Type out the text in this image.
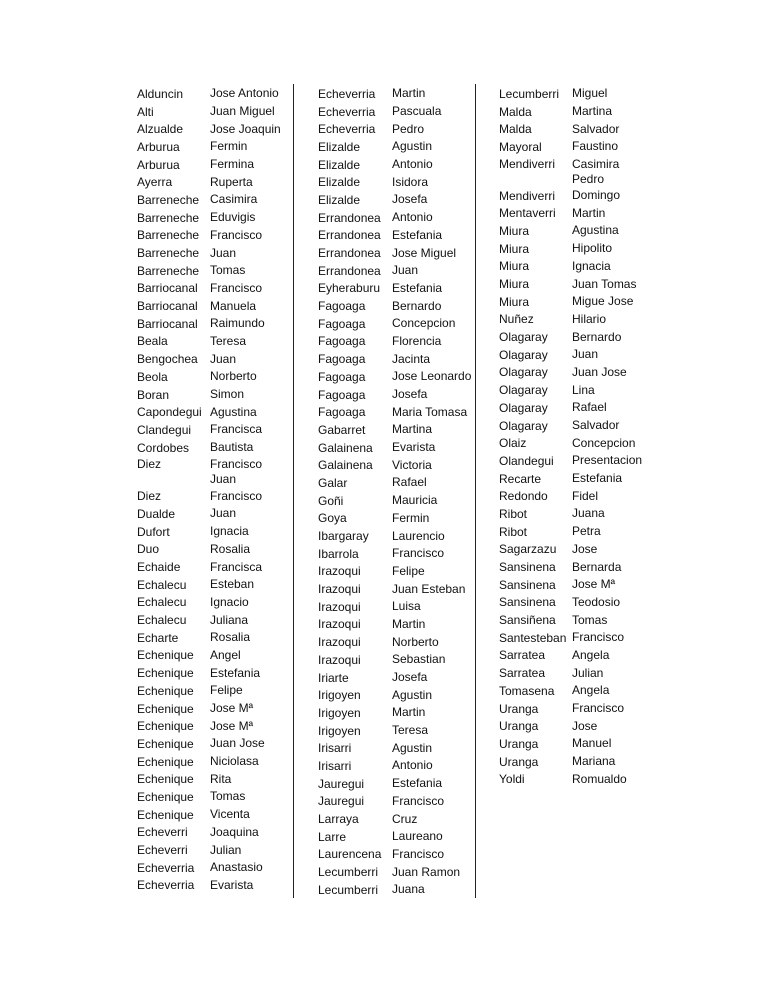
Alduncin	Jose Antonio
Alti	Juan Miguel
Alzualde	Jose Joaquin
Arburua	Fermin
Arburua	Fermina
Ayerra	Ruperta
Barreneche Casimira
Barreneche Eduvigis
Barreneche Francisco
Barreneche Juan
Barreneche Tomas
Barriocanal	Francisco
Barriocanal	Manuela
Barriocanal	Raimundo
Beala	Teresa
Bengochea	Juan
Beola	Norberto
Boran	Simon
Capondegui Agustina
Clandegui	Francisca
Cordobes	Bautista
Diez	Francisco
Juan
Diez	Francisco
Dualde	Juan
Dufort	Ignacia
Duo	Rosalia
Echaide	Francisca
Echalecu	Esteban
Echalecu	Ignacio
Echalecu	Juliana
Echarte	Rosalia
Echenique	Angel
Echenique	Estefania
Echenique	Felipe
Echenique	Jose Mª
Echenique	Jose Mª
Echenique	Juan Jose
Echenique	Niciolasa
Echenique	Rita
Echenique	Tomas
Echenique	Vicenta
Echeverri	Joaquina
Echeverri	Julian
Echeverria	Anastasio
Echeverria	Evarista
Echeverria	Martin
Echeverria	Pascuala
Echeverria	Pedro
Elizalde	Agustin
Elizalde	Antonio
Elizalde	Isidora
Elizalde	Josefa
Errandonea Antonio
Errandonea Estefania
Errandonea Jose Miguel
Errandonea Juan
Eyheraburu Estefania
Fagoaga	Bernardo
Fagoaga	Concepcion
Fagoaga	Florencia
Fagoaga	Jacinta
Fagoaga	Jose Leonardo
Fagoaga	Josefa
Fagoaga	Maria Tomasa
Gabarret	Martina
Galainena	Evarista
Galainena	Victoria
Galar	Rafael
Goñi	Mauricia
Goya	Fermin
Ibargaray	Laurencio
Ibarrola	Francisco
Irazoqui	Felipe
Irazoqui	Juan Esteban
Irazoqui	Luisa
Irazoqui	Martin
Irazoqui	Norberto
Irazoqui	Sebastian
Iriarte	Josefa
Irigoyen	Agustin
Irigoyen	Martin
Irigoyen	Teresa
Irisarri	Agustin
Irisarri	Antonio
Jauregui	Estefania
Jauregui	Francisco
Larraya	Cruz
Larre	Laureano
Laurencena Francisco
Lecumberri	Juan Ramon
Lecumberri	Juana
Lecumberri	Miguel
Malda	Martina
Malda	Salvador
Mayoral	Faustino
Mendiverri	Casimira
Pedro
Mendiverri	Domingo
Mentaverri	Martin
Miura	Agustina
Miura	Hipolito
Miura	Ignacia
Miura	Juan Tomas
Miura	Migue Jose
Nuñez	Hilario
Olagaray	Bernardo
Olagaray	Juan
Olagaray	Juan Jose
Olagaray	Lina
Olagaray	Rafael
Olagaray	Salvador
Olaiz	Concepcion
Olandegui	Presentacion
Recarte	Estefania
Redondo	Fidel
Ribot	Juana
Ribot	Petra
Sagarzazu	Jose
Sansinena	Bernarda
Sansinena	Jose Mª
Sansinena	Teodosio
Sansiñena	Tomas
Santesteban Francisco
Sarratea	Angela
Sarratea	Julian
Tomasena	Angela
Uranga	Francisco
Uranga	Jose
Uranga	Manuel
Uranga	Mariana
Yoldi	Romualdo
